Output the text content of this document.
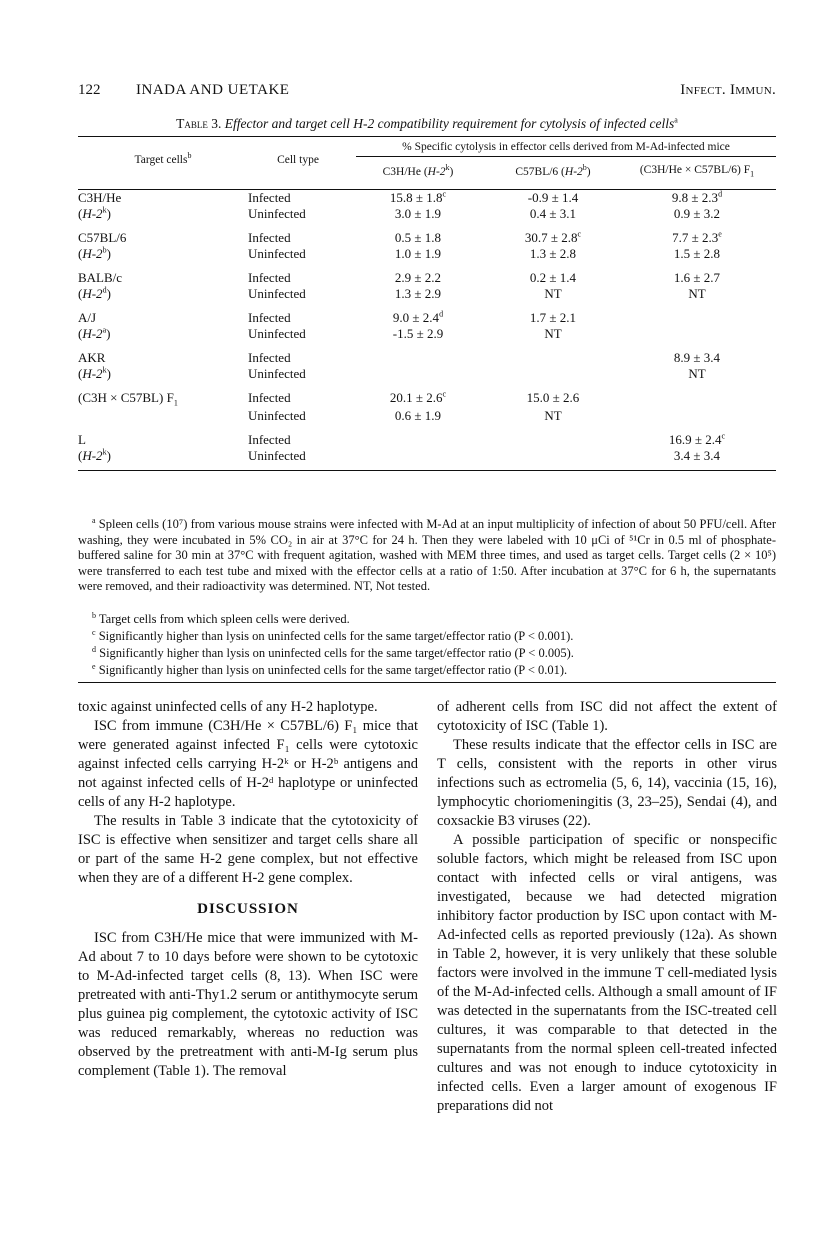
122 INADA AND UETAKE	Infect. Immun.
Table 3. Effector and target cell H-2 compatibility requirement for cytolysis of infected cells$^a$
Target cells$^b$	Cell type	% Specific cytolysis in effector cells derived from M-Ad-infected mice		

		C3H/He (H-2$^k$)	C57BL/6 (H-2$^b$)	(C3H/He × C57BL/6) $F_1$

C3H/He	Infected	15.8 ± 1.8$^c$	-0.9 ± 1.4	9.8 ± 2.3$^d$
(H-2$^k$)	Uninfected	3.0 ± 1.9	0.4 ± 3.1	0.9 ± 3.2

C57BL/6	Infected	0.5 ± 1.8	30.7 ± 2.8$^c$	7.7 ± 2.3$^e$
(H-2$^b$)	Uninfected	1.0 ± 1.9	1.3 ± 2.8	1.5 ± 2.8

BALB/c	Infected	2.9 ± 2.2	0.2 ± 1.4	1.6 ± 2.7
(H-2$^d$)	Uninfected	1.3 ± 2.9	NT	NT

A/J	Infected	9.0 ± 2.4$^d$	1.7 ± 2.1	
(H-2$^a$)	Uninfected	-1.5 ± 2.9	NT	

AKR	Infected			8.9 ± 3.4
(H-2$^k$)	Uninfected			NT

(C3H × C57BL) $F_1$	Infected	20.1 ± 2.6$^c$	15.0 ± 2.6	
	Uninfected	0.6 ± 1.9	NT	

L	Infected			16.9 ± 2.4$^c$
(H-2$^k$)	Uninfected			3.4 ± 3.4

$^a$ Spleen cells (10⁷) from various mouse strains were infected with M-Ad at an input multiplicity of infection of about 50 PFU/cell. After washing, they were incubated in 5% CO₂ in air at 37°C for 24 h. Then they were labeled with 10 μCi of ⁵¹Cr in 0.5 ml of phosphate-buffered saline for 30 min at 37°C with frequent agitation, washed with MEM three times, and used as target cells. Target cells (2 × 10⁵) were transferred to each test tube and mixed with the effector cells at a ratio of 1:50. After incubation at 37°C for 6 h, the supernatants were removed, and their radioactivity was determined. NT, Not tested.
$^b$ Target cells from which spleen cells were derived.
$^c$ Significantly higher than lysis on uninfected cells for the same target/effector ratio (P < 0.001).
$^d$ Significantly higher than lysis on uninfected cells for the same target/effector ratio (P < 0.005).
$^e$ Significantly higher than lysis on uninfected cells for the same target/effector ratio (P < 0.01).

toxic against uninfected cells of any H-2 haplotype.

ISC from immune (C3H/He × C57BL/6) F₁ mice that were generated against infected F₁ cells were cytotoxic against infected cells carrying H-2ᵏ or H-2ᵇ antigens and not against infected cells of H-2ᵈ haplotype or uninfected cells of any H-2 haplotype.

The results in Table 3 indicate that the cytotoxicity of ISC is effective when sensitizer and target cells share all or part of the same H-2 gene complex, but not effective when they are of a different H-2 gene complex.

DISCUSSION

ISC from C3H/He mice that were immunized with M-Ad about 7 to 10 days before were shown to be cytotoxic to M-Ad-infected target cells (8, 13). When ISC were pretreated with anti-Thy1.2 serum or antithymocyte serum plus guinea pig complement, the cytotoxic activity of ISC was reduced remarkably, whereas no reduction was observed by the pretreatment with anti-M-Ig serum plus complement (Table 1). The removal

of adherent cells from ISC did not affect the extent of cytotoxicity of ISC (Table 1).

These results indicate that the effector cells in ISC are T cells, consistent with the reports in other virus infections such as ectromelia (5, 6, 14), vaccinia (15, 16), lymphocytic choriomeningitis (3, 23–25), Sendai (4), and coxsackie B3 viruses (22).

A possible participation of specific or nonspecific soluble factors, which might be released from ISC upon contact with infected cells or viral antigens, was investigated, because we had detected migration inhibitory factor production by ISC upon contact with M-Ad-infected cells as reported previously (12a). As shown in Table 2, however, it is very unlikely that these soluble factors were involved in the immune T cell-mediated lysis of the M-Ad-infected cells. Although a small amount of IF was detected in the supernatants from the ISC-treated cell cultures, it was comparable to that detected in the supernatants from the normal spleen cell-treated infected cultures and was not enough to induce cytotoxicity in infected cells. Even a larger amount of exogenous IF preparations did not
